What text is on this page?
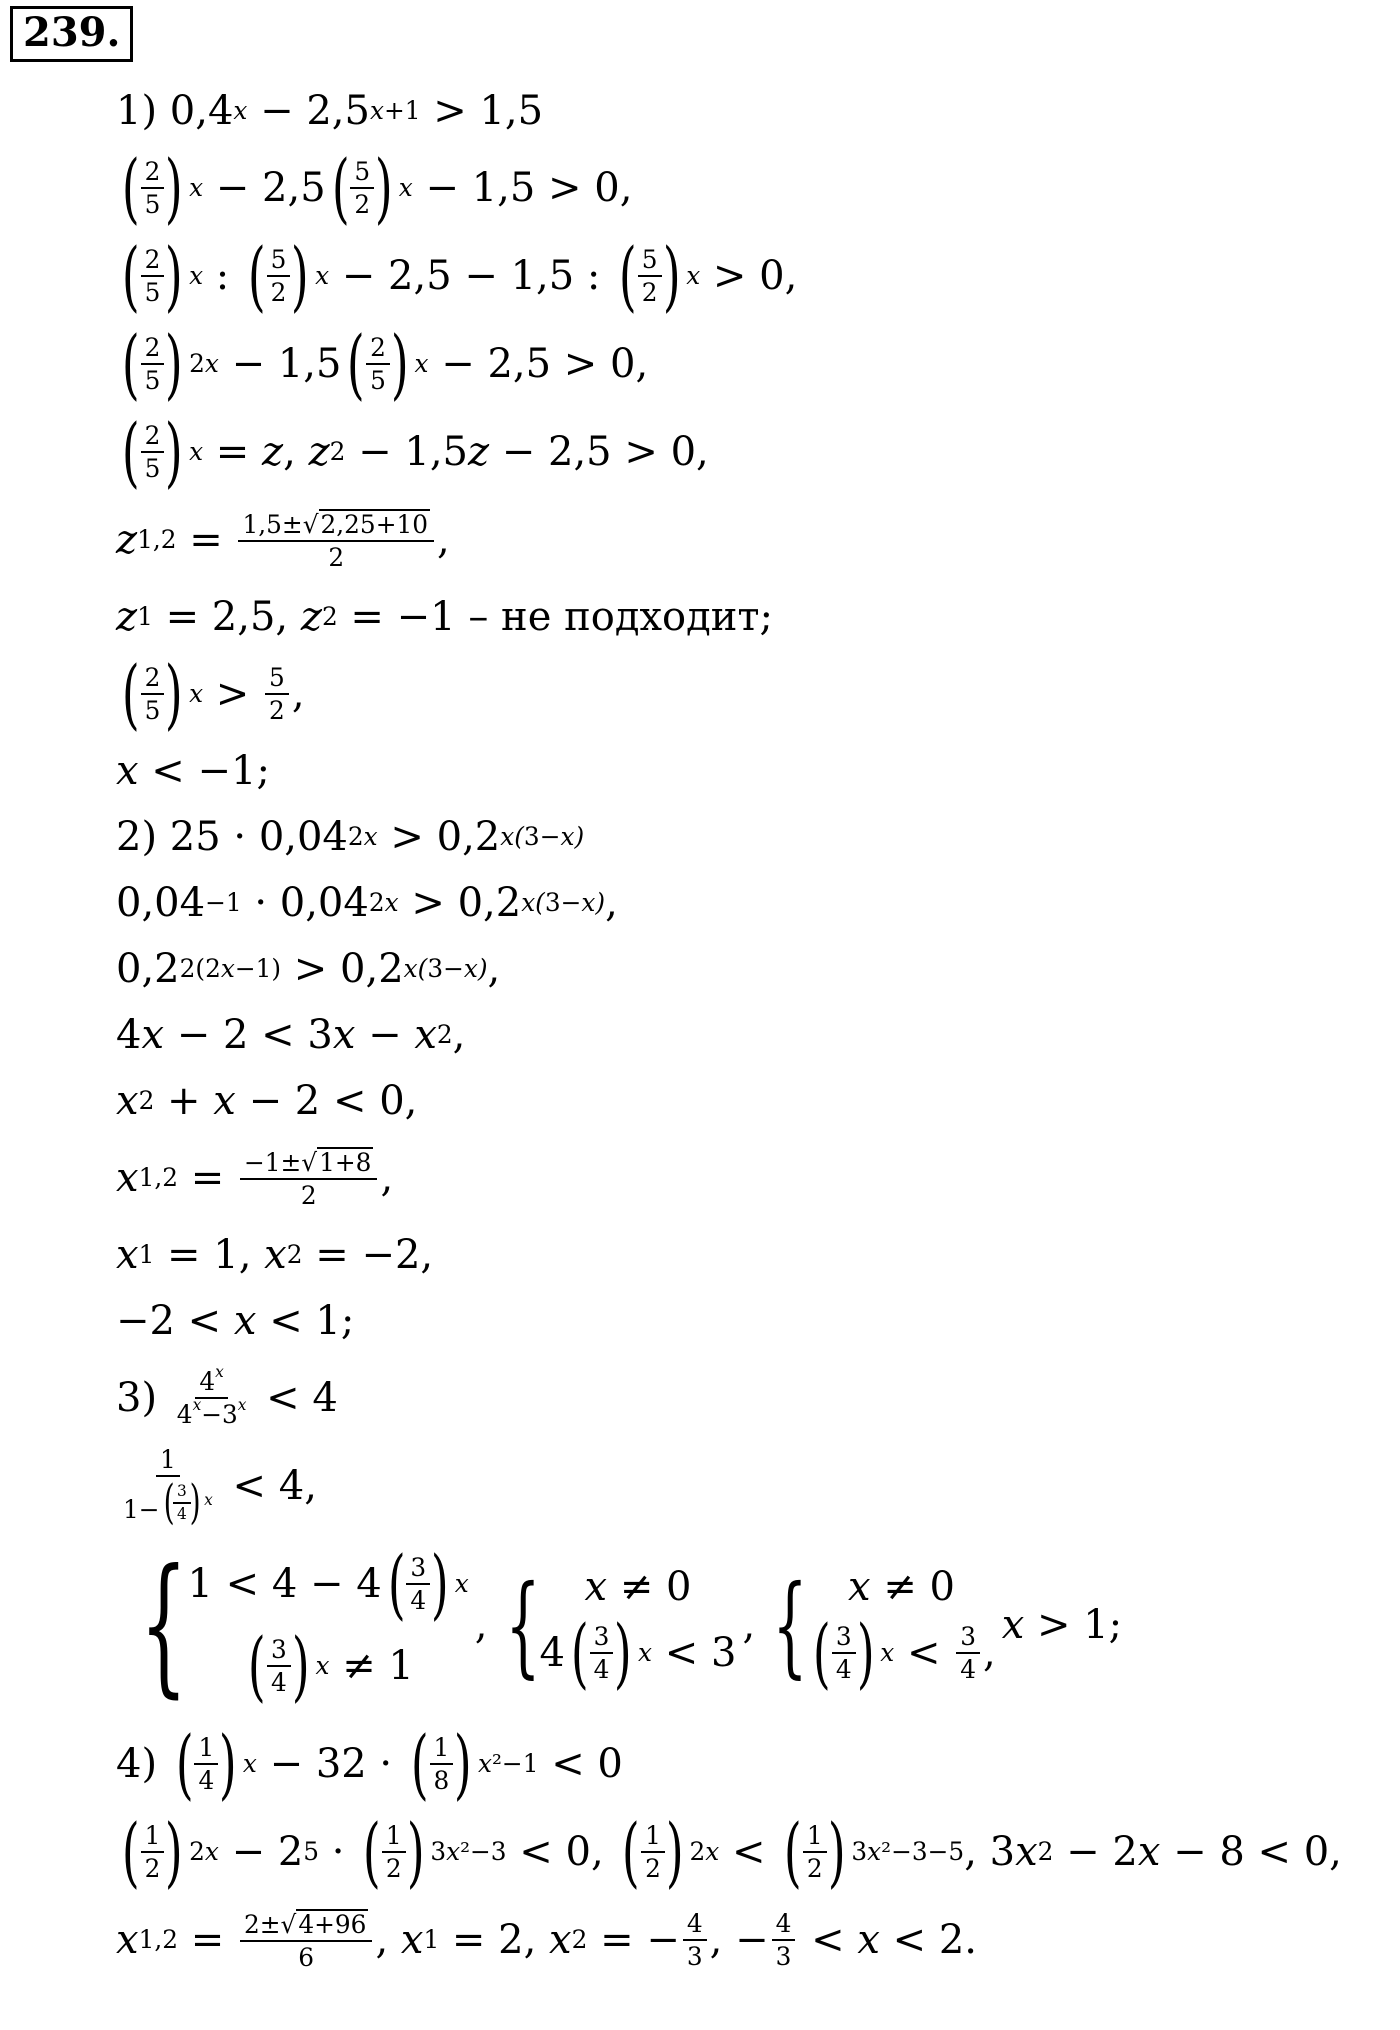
239.
1) 0,4 x − 2,5 x+1 > 1,5
( $\frac{2}{5}$ ) x − 2,5 ( $\frac{5}{2}$ ) x − 1,5 > 0,
( $\frac{2}{5}$ ) x : ( $\frac{5}{2}$ ) x − 2,5 − 1,5 : ( $\frac{5}{2}$ ) x > 0,
( $\frac{2}{5}$ ) 2x − 1,5 ( $\frac{2}{5}$ ) x − 2,5 > 0,
( $\frac{2}{5}$ ) x = z , z 2 − 1,5 z − 2,5 > 0,
z $1,2 = \frac{1,5\pm√ 2,25+10}{2}$ ,
z 1 = 2,5, z 2 = −1 – не подходит;
( $\frac{2}{5}$ ) $x > \frac{5}{2}$ ,
x < −1;
2) 25 · 0,04 2x > 0,2 x(3−x)
0,04 −1 · 0,04 2x > 0,2 x(3−x) ,
0,2 2(2x−1) > 0,2 x(3−x) ,
4 x − 2 < 3 x − x 2 ,
x 2 + x − 2 < 0,
x $1,2 = \frac{-1\pm√ 1+8}{2}$ ,
x 1 = 1, x 2 = −2,
−2 < x < 1;
3)
$\frac{4^x}{4^x-3^x} < 4$
1
1− (
$\frac{3}{4}$
) $^x$ < 4,
{ 1 < 4 − 4 ( $\frac{3}{4}$ ) x
( $\frac{3}{4}$ ) x ≠ 1
, { x ≠ 0
4 ( $\frac{3}{4}$ ) x < 3
, { x ≠ 0
( $\frac{3}{4}$ ) $x < \frac{3}{4}$ ,
x > 1;
4)
( $\frac{1}{4}$ ) x − 32 · ( $\frac{1}{8}$ ) x²−1 < 0
( $\frac{1}{2}$ ) 2x − 2 5 · ( $\frac{1}{2}$ ) 3x²−3 < 0, ( $\frac{1}{2}$ ) 2x < ( $\frac{1}{2}$ ) 3x²−3−5 , 3 x 2 − 2 x − 8 < 0,
x $1,2 = \frac{2\pm√ 4+96}{6}$ , x 1 = 2, x 2 = − $\frac{4}{3}$ , − $\frac{4}{3} < x < 2$.
